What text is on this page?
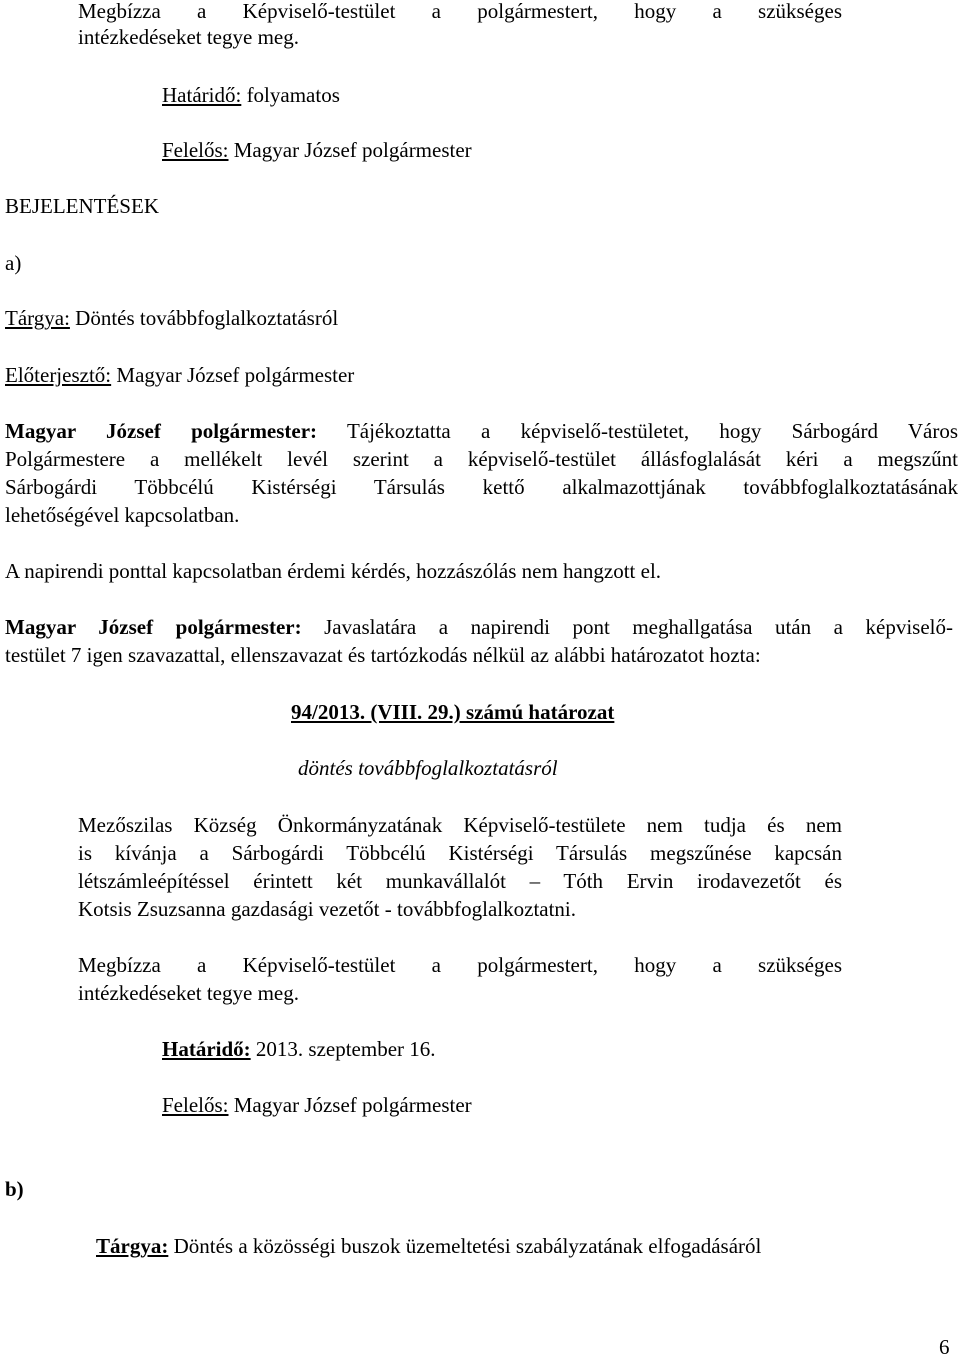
Megbízza a Képviselő-testület a polgármestert, hogy a szükséges
intézkedéseket tegye meg.
Határidő: folyamatos
Felelős: Magyar József polgármester
BEJELENTÉSEK
a)
Tárgya: Döntés továbbfoglalkoztatásról
Előterjesztő: Magyar József polgármester
Magyar József polgármester: Tájékoztatta a képviselő-testületet, hogy Sárbogárd Város
Polgármestere a mellékelt levél szerint a képviselő-testület állásfoglalását kéri a megszűnt
Sárbogárdi Többcélú Kistérségi Társulás kettő alkalmazottjának továbbfoglalkoztatásának
lehetőségével kapcsolatban.
A napirendi ponttal kapcsolatban érdemi kérdés, hozzászólás nem hangzott el.
Magyar József polgármester: Javaslatára a napirendi pont meghallgatása után a képviselő-
testület 7 igen szavazattal, ellenszavazat és tartózkodás nélkül az alábbi határozatot hozta:
94/2013. (VIII. 29.) számú határozat
döntés továbbfoglalkoztatásról
Mezőszilas Község Önkormányzatának Képviselő-testülete nem tudja és nem
is kívánja a Sárbogárdi Többcélú Kistérségi Társulás megszűnése kapcsán
létszámleépítéssel érintett két munkavállalót – Tóth Ervin irodavezetőt és
Kotsis Zsuzsanna gazdasági vezetőt - továbbfoglalkoztatni.
Megbízza a Képviselő-testület a polgármestert, hogy a szükséges
intézkedéseket tegye meg.
Határidő: 2013. szeptember 16.
Felelős: Magyar József polgármester
b)
Tárgya: Döntés a közösségi buszok üzemeltetési szabályzatának elfogadásáról
6
